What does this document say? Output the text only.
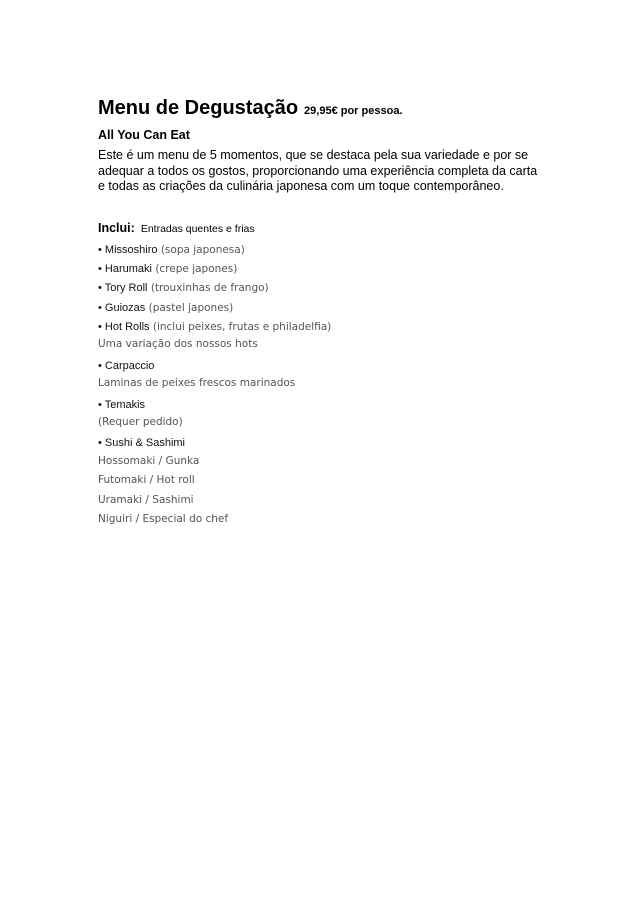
Menu de Degustação 29,95€ por pessoa.
All You Can Eat
Este é um menu de 5 momentos, que se destaca pela sua variedade e por se adequar a todos os gostos, proporcionando uma experiência completa da carta e todas as criações da culinária japonesa com um toque contemporâneo.
Inclui: Entradas quentes e frias
• Missoshiro (sopa japonesa)
• Harumaki (crepe japones)
• Tory Roll (trouxinhas de frango)
• Guiozas (pastel japones)
• Hot Rolls (inclui peixes, frutas e philadelfia)
Uma variação dos nossos hots
• Carpaccio
Laminas de peixes frescos marinados
• Temakis
(Requer pedido)
• Sushi & Sashimi
Hossomaki / Gunka
Futomaki / Hot roll
Uramaki / Sashimi
Niguiri / Especial do chef
